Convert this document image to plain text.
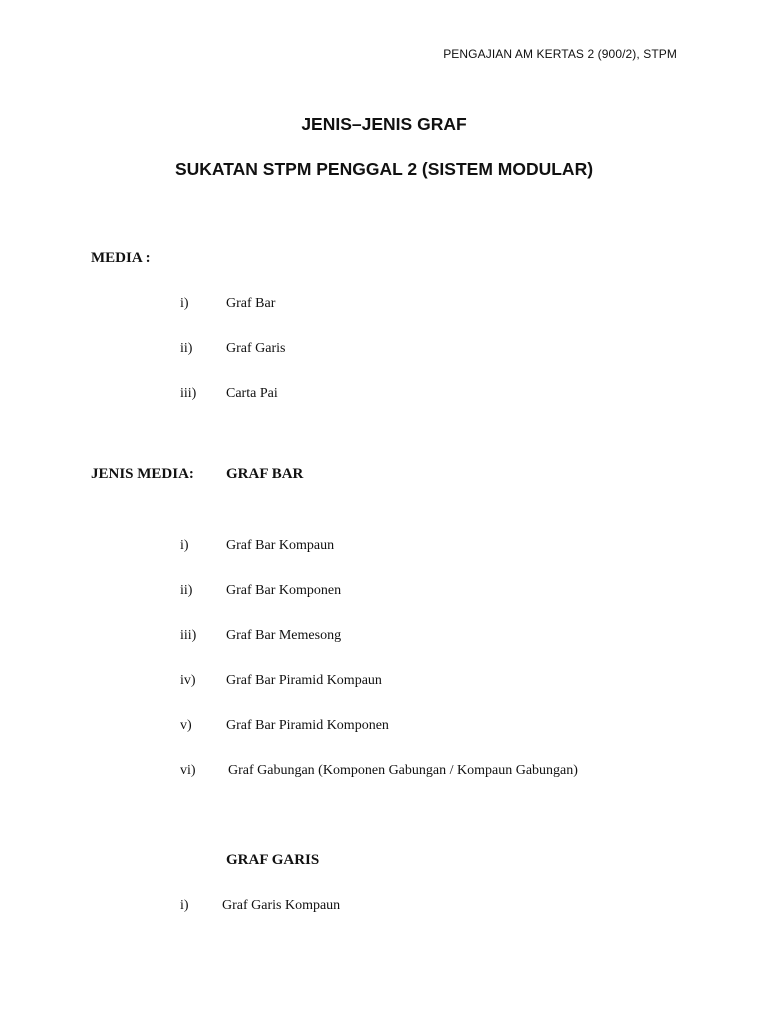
PENGAJIAN AM KERTAS 2 (900/2), STPM
JENIS–JENIS GRAF
SUKATAN STPM PENGGAL 2 (SISTEM MODULAR)
MEDIA :
i)	Graf Bar
ii) Graf Garis
iii) Carta Pai
JENIS MEDIA: GRAF BAR
i)	Graf Bar Kompaun
ii) Graf Bar Komponen
iii) Graf Bar Memesong
iv) Graf Bar Piramid Kompaun
v) Graf Bar Piramid Komponen
vi) Graf Gabungan (Komponen Gabungan / Kompaun Gabungan)
GRAF GARIS
i) Graf Garis Kompaun
